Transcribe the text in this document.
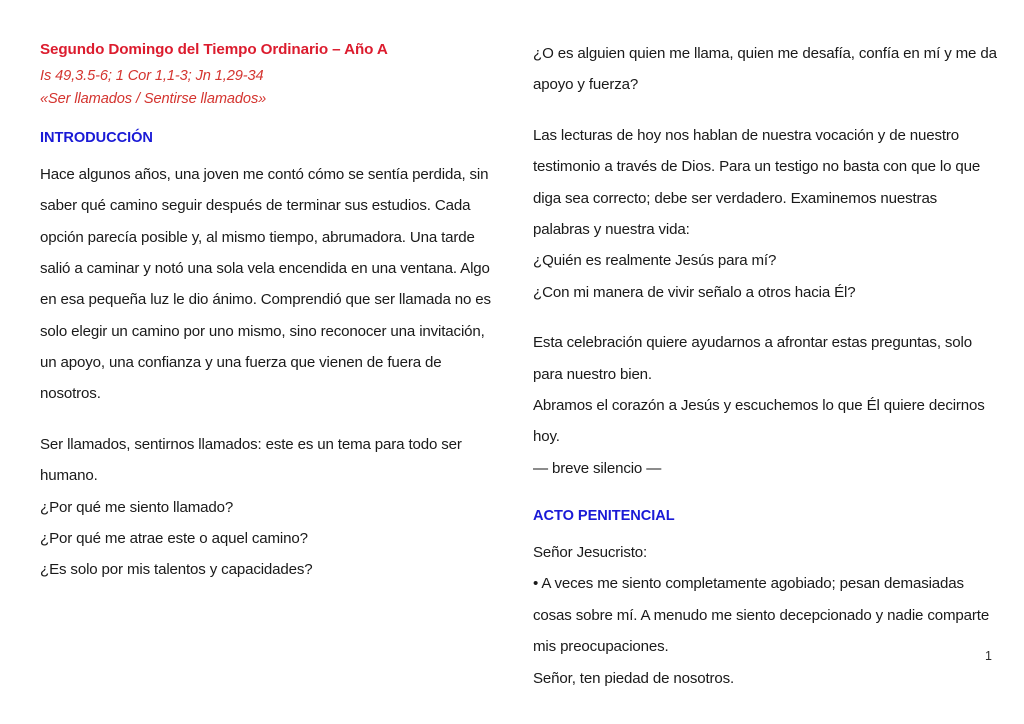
Segundo Domingo del Tiempo Ordinario – Año A
Is 49,3.5-6; 1 Cor 1,1-3; Jn 1,29-34
«Ser llamados / Sentirse llamados»
INTRODUCCIÓN
Hace algunos años, una joven me contó cómo se sentía perdida, sin saber qué camino seguir después de terminar sus estudios. Cada opción parecía posible y, al mismo tiempo, abrumadora. Una tarde salió a caminar y notó una sola vela encendida en una ventana. Algo en esa pequeña luz le dio ánimo. Comprendió que ser llamada no es solo elegir un camino por uno mismo, sino reconocer una invitación, un apoyo, una confianza y una fuerza que vienen de fuera de nosotros.
Ser llamados, sentirnos llamados: este es un tema para todo ser humano.
¿Por qué me siento llamado?
¿Por qué me atrae este o aquel camino?
¿Es solo por mis talentos y capacidades?
¿O es alguien quien me llama, quien me desafía, confía en mí y me da apoyo y fuerza?
Las lecturas de hoy nos hablan de nuestra vocación y de nuestro testimonio a través de Dios. Para un testigo no basta con que lo que diga sea correcto; debe ser verdadero. Examinemos nuestras palabras y nuestra vida:
¿Quién es realmente Jesús para mí?
¿Con mi manera de vivir señalo a otros hacia Él?
Esta celebración quiere ayudarnos a afrontar estas preguntas, solo para nuestro bien.
Abramos el corazón a Jesús y escuchemos lo que Él quiere decirnos hoy.
— breve silencio —
ACTO PENITENCIAL
Señor Jesucristo:
• A veces me siento completamente agobiado; pesan demasiadas cosas sobre mí. A menudo me siento decepcionado y nadie comparte mis preocupaciones.
Señor, ten piedad de nosotros.
1
